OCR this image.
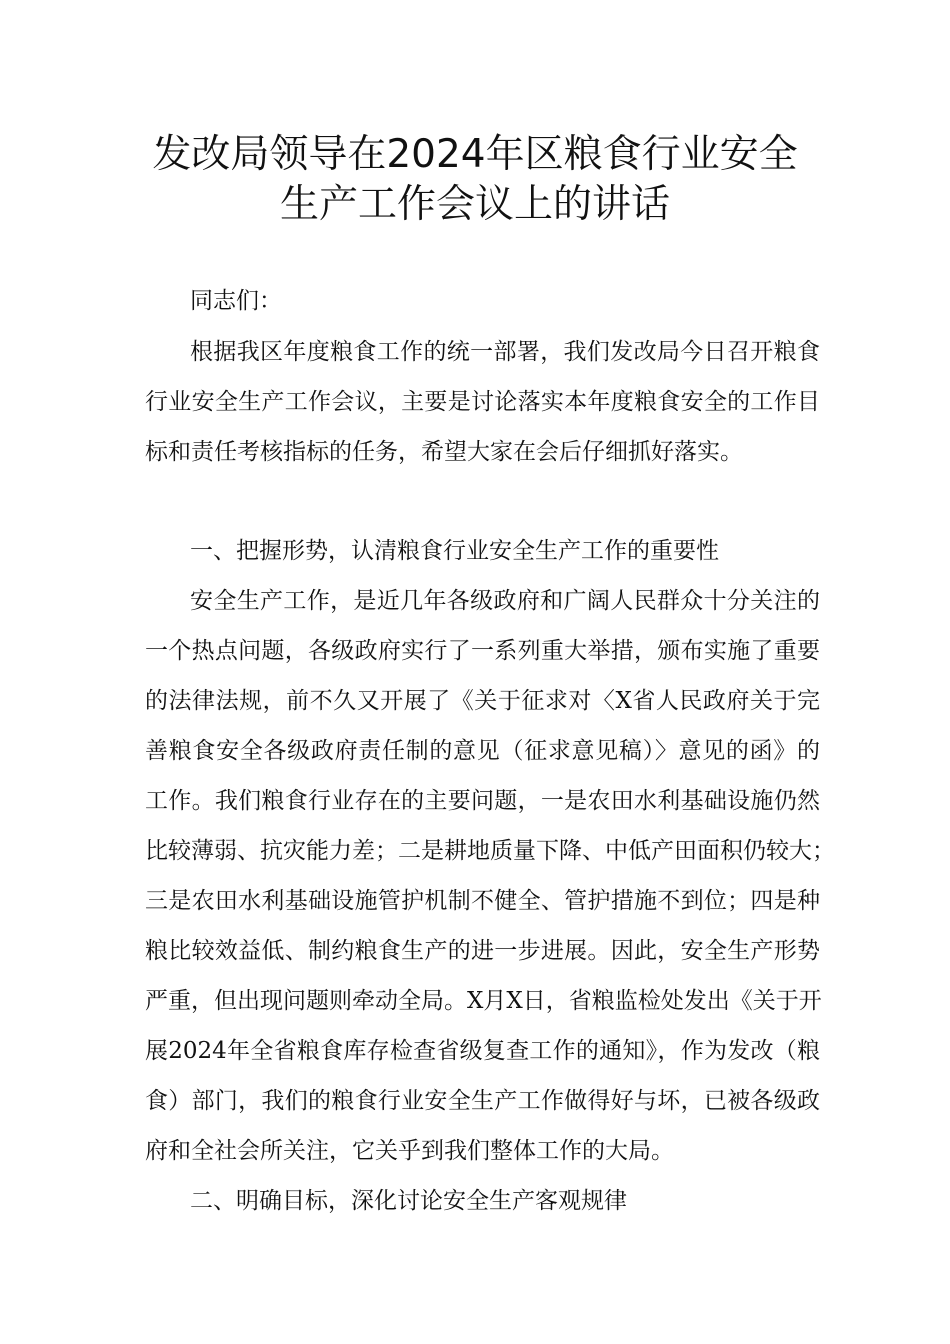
发改局领导在2024年区粮食行业安全
生产工作会议上的讲话
同志们：
根据我区年度粮食工作的统一部署，我们发改局今日召开粮食
行业安全生产工作会议，主要是讨论落实本年度粮食安全的工作目
标和责任考核指标的任务，希望大家在会后仔细抓好落实。
一、把握形势，认清粮食行业安全生产工作的重要性
安全生产工作，是近几年各级政府和广阔人民群众十分关注的
一个热点问题，各级政府实行了一系列重大举措，颁布实施了重要
的法律法规，前不久又开展了《关于征求对〈X省人民政府关于完
善粮食安全各级政府责任制的意见（征求意见稿）〉意见的函》的
工作。我们粮食行业存在的主要问题，一是农田水利基础设施仍然
比较薄弱、抗灾能力差；二是耕地质量下降、中低产田面积仍较大；
三是农田水利基础设施管护机制不健全、管护措施不到位；四是种
粮比较效益低、制约粮食生产的进一步进展。因此，安全生产形势
严重，但出现问题则牵动全局。X月X日，省粮监检处发出《关于开
展2024年全省粮食库存检查省级复查工作的通知》，作为发改（粮
食）部门，我们的粮食行业安全生产工作做得好与坏，已被各级政
府和全社会所关注，它关乎到我们整体工作的大局。
二、明确目标，深化讨论安全生产客观规律
